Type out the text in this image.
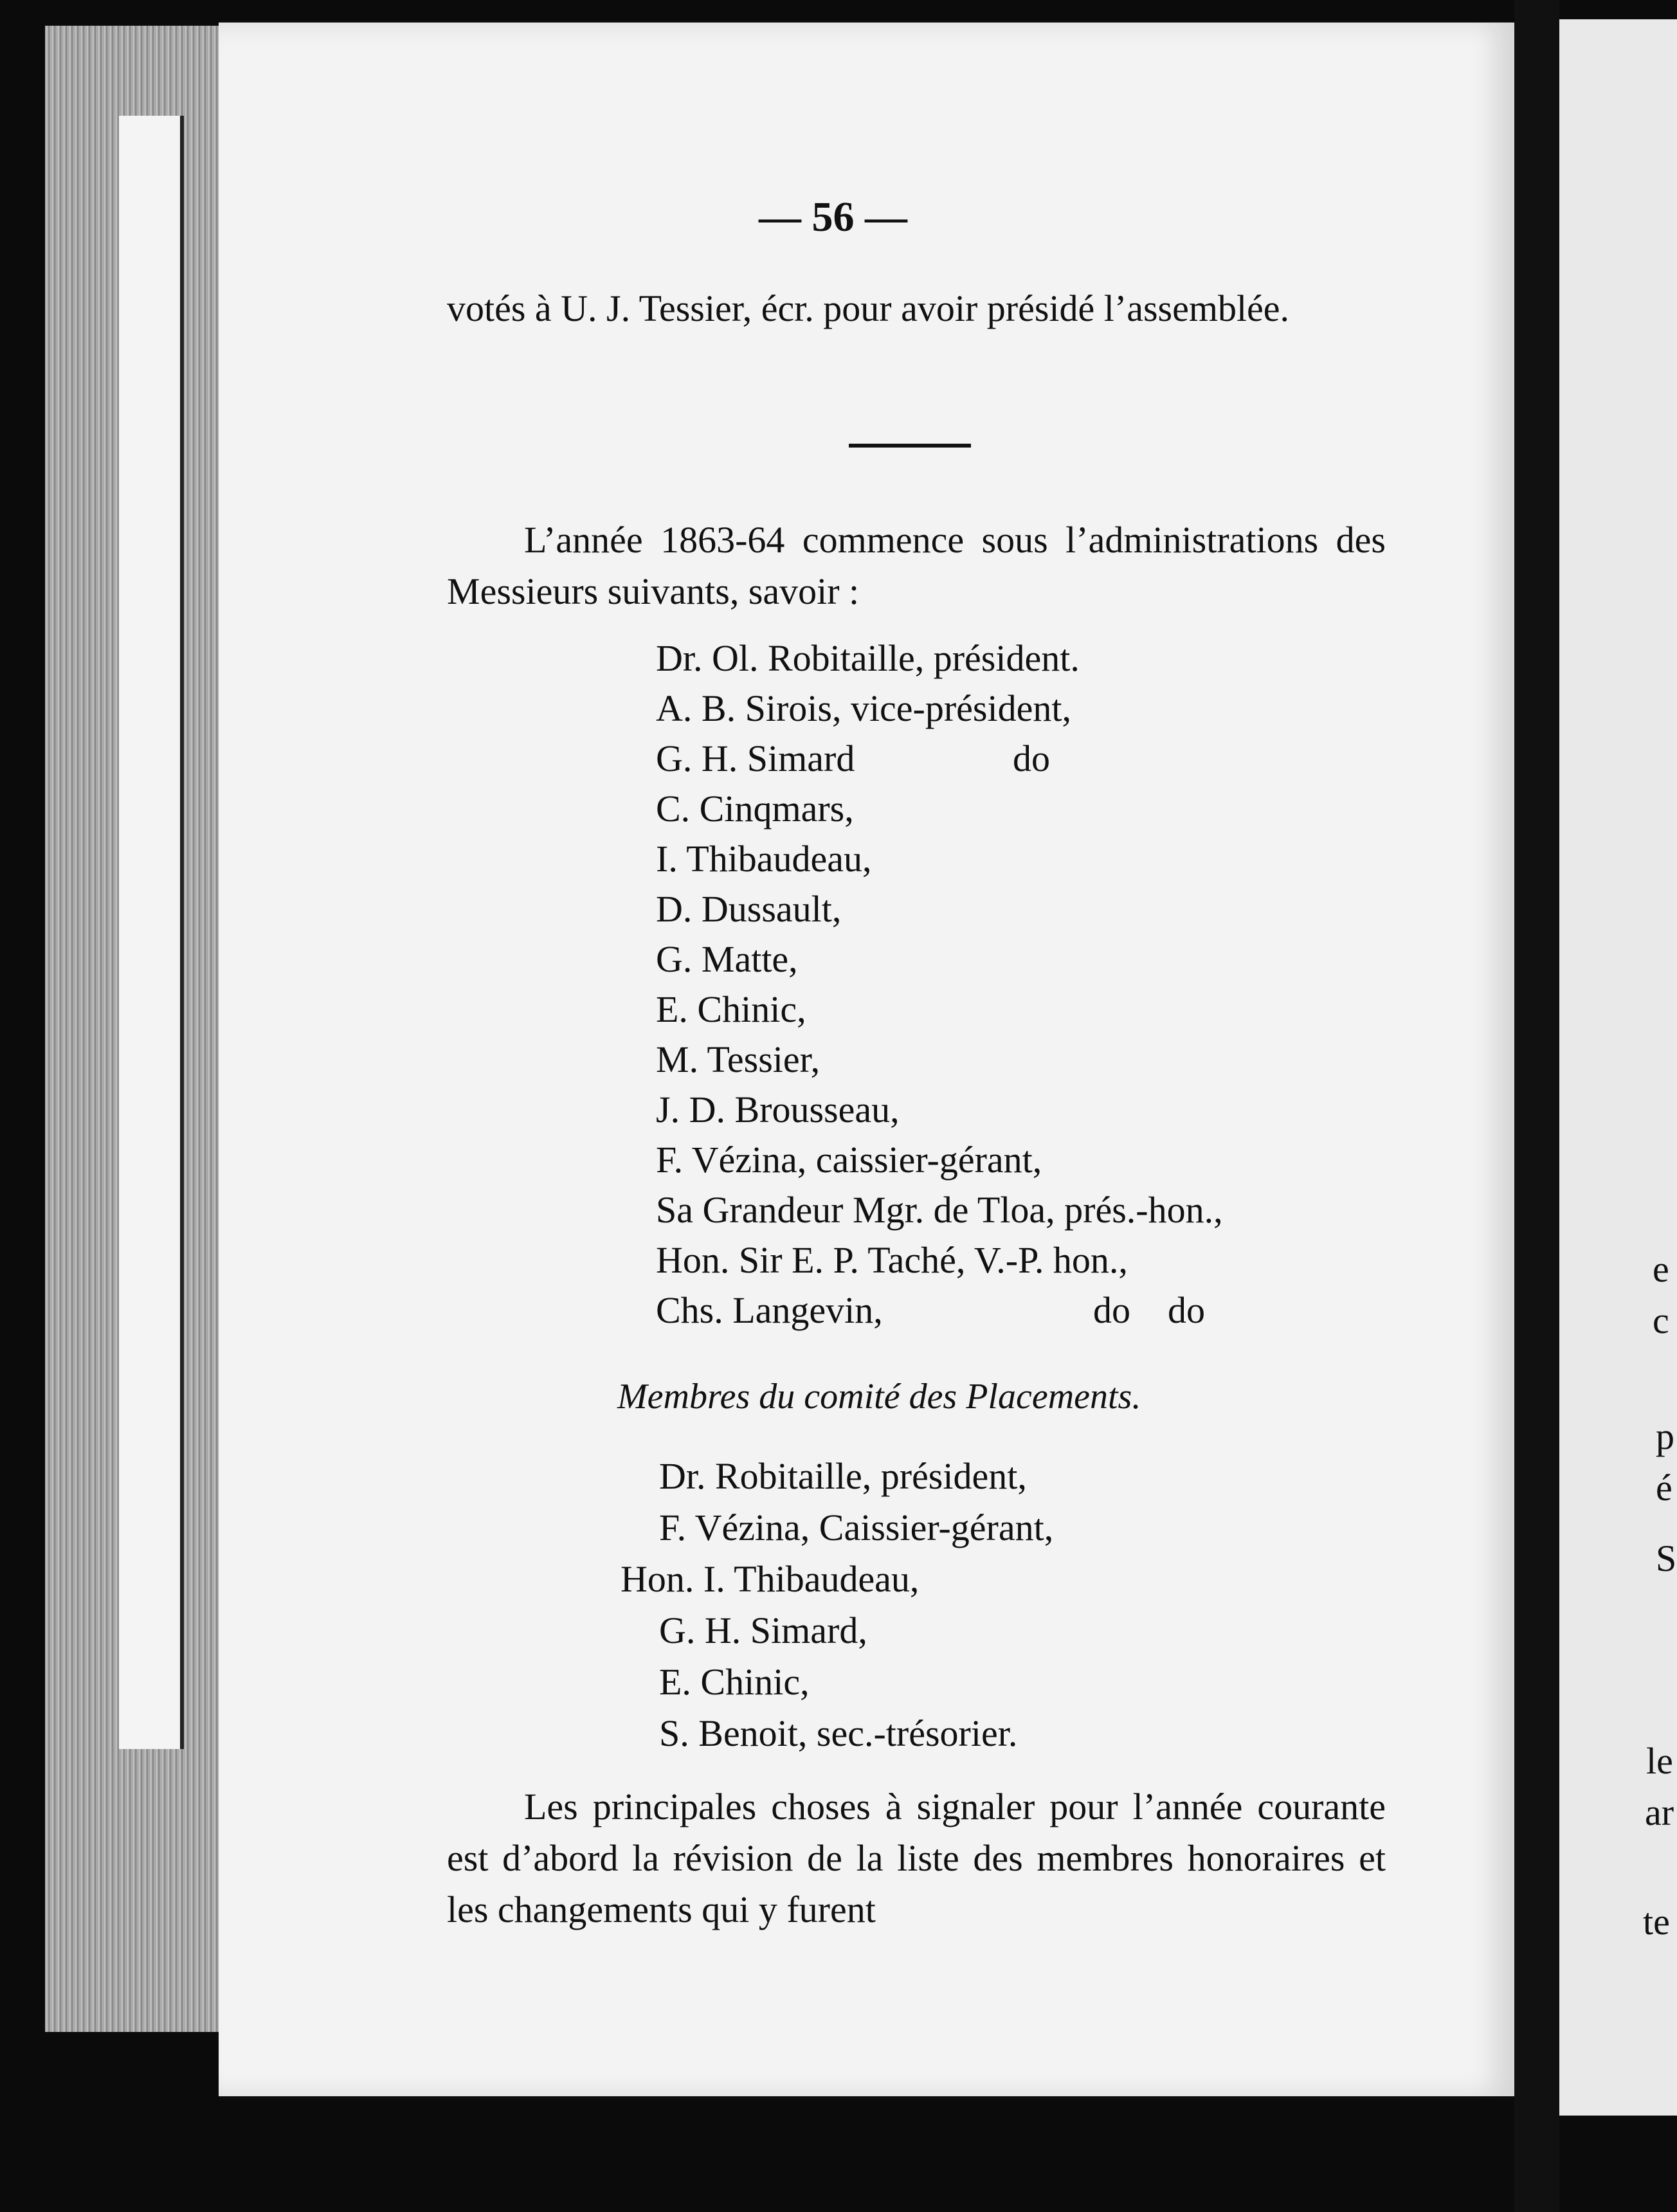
— 56 —
votés à U. J. Tessier, écr. pour avoir présidé l’assemblée.
L’année 1863-64 commence sous l’administrations des Messieurs suivants, savoir :
Dr. Ol. Robitaille, président.
A. B. Sirois, vice-président,
G. H. Simard	do
C. Cinqmars,
I. Thibaudeau,
D. Dussault,
G. Matte,
E. Chinic,
M. Tessier,
J. D. Brousseau,
F. Vézina, caissier-gérant,
Sa Grandeur Mgr. de Tloa, prés.-hon.,
Hon. Sir E. P. Taché, V.-P. hon.,
Chs. Langevin,	do    do
Membres du comité des Placements.
Dr. Robitaille, président,
F. Vézina, Caissier-gérant,
Hon. I. Thibaudeau,
G. H. Simard,
E. Chinic,
S. Benoit, sec.-trésorier.
Les principales choses à signaler pour l’année courante est d’abord la révision de la liste des membres honoraires et les changements qui y furent
e
c
p
é
S
le
ar
te
